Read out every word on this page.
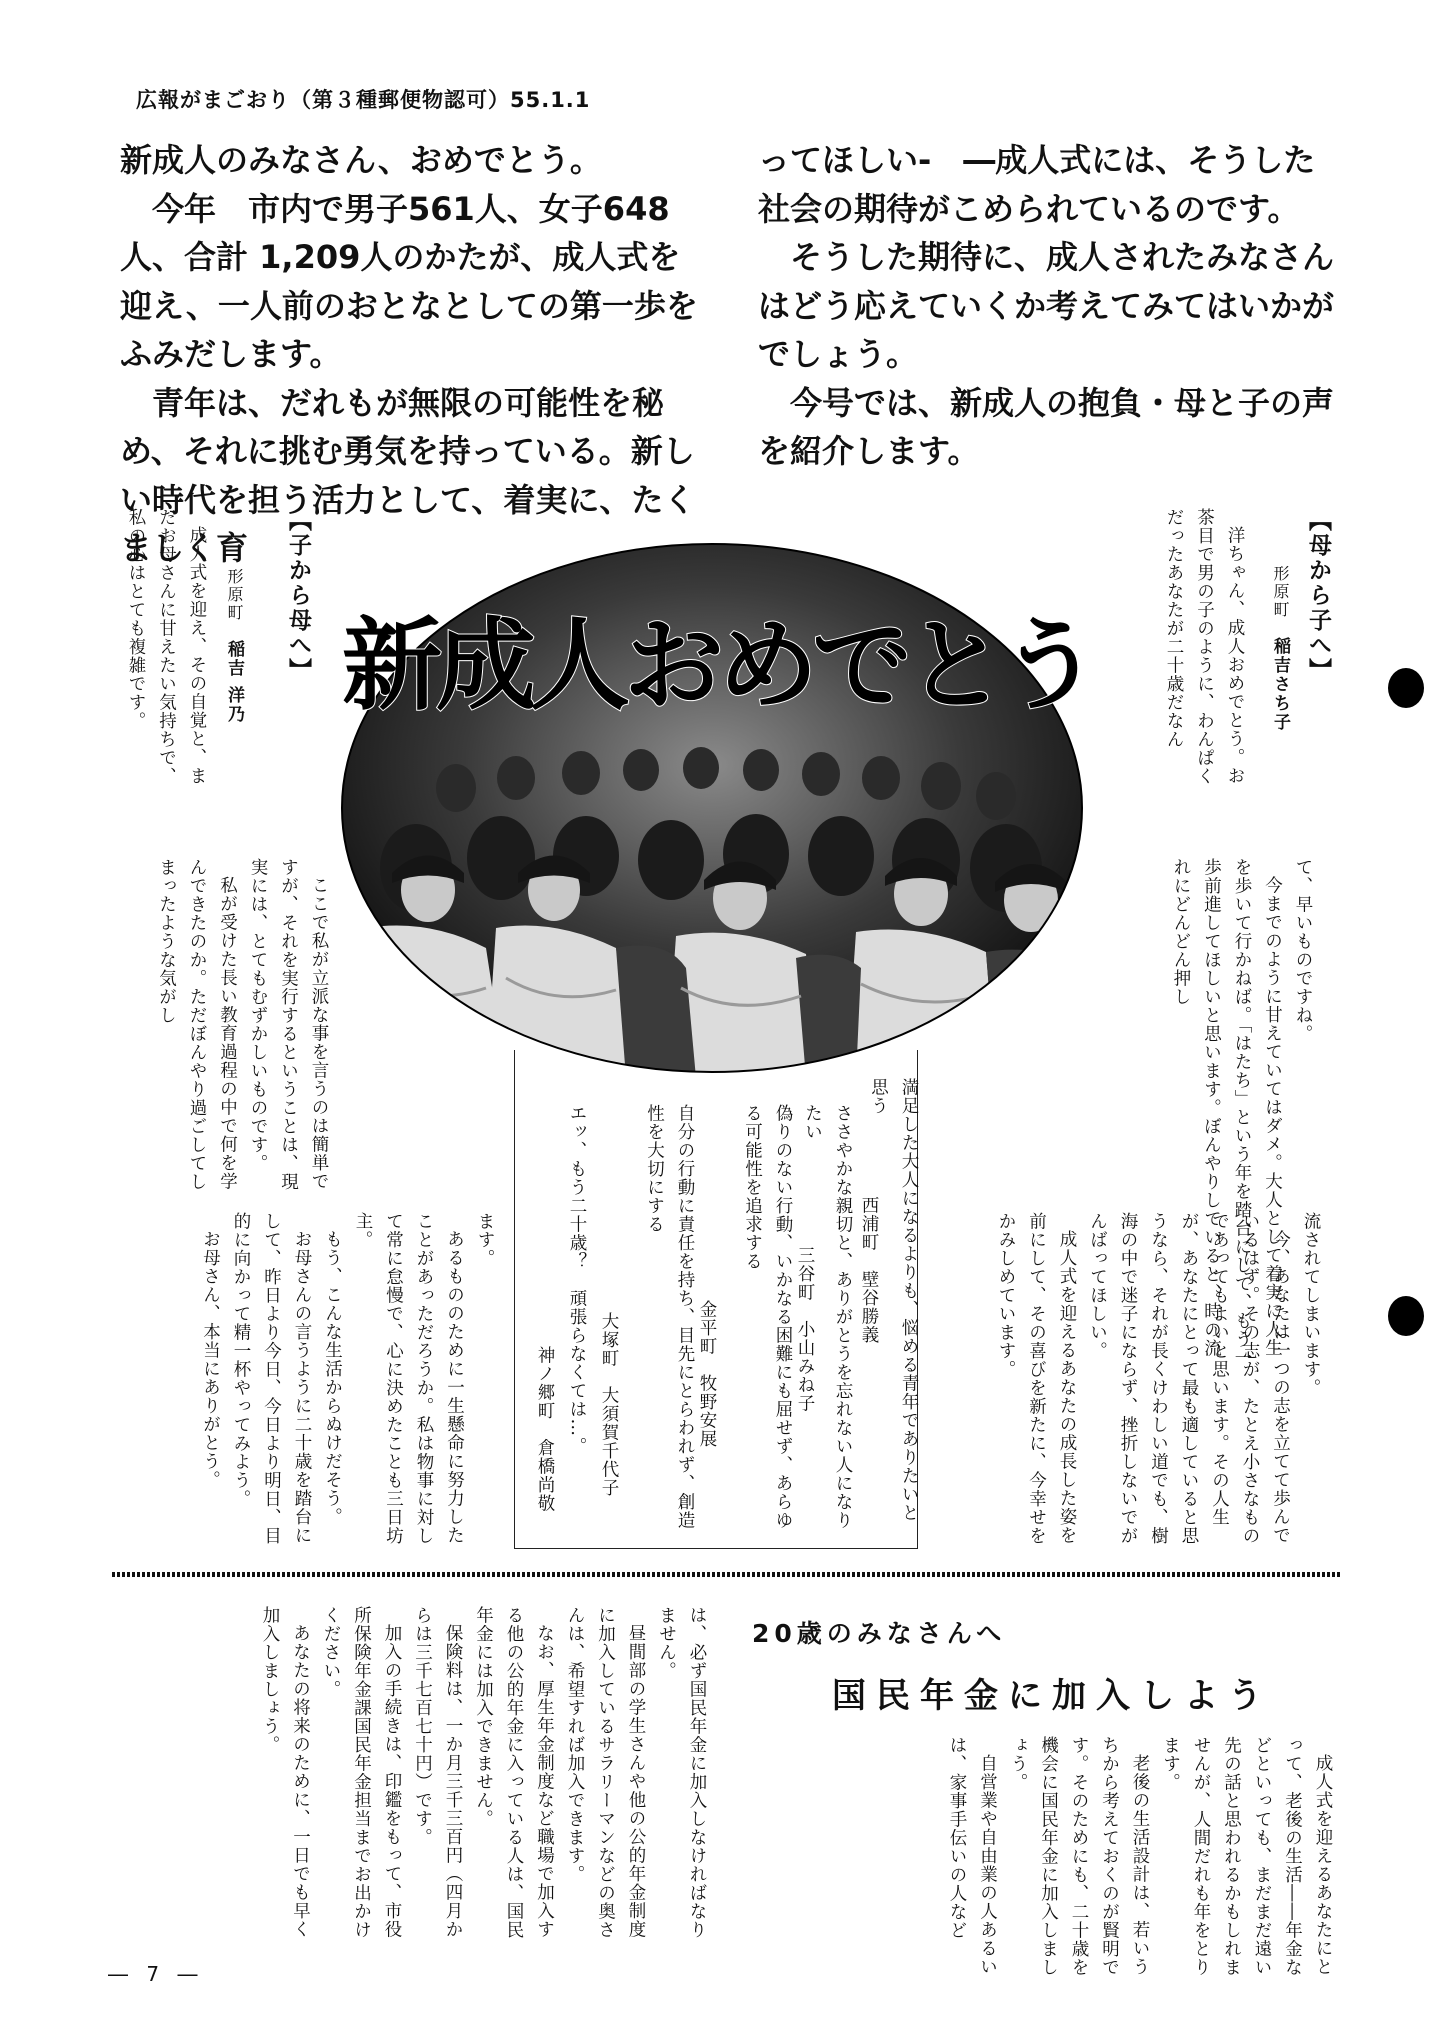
広報がまごおり（第３種郵便物認可）55.1.1

新成人のみなさん、おめでとう。

今年　市内で男子561人、女子648人、合計 1,209人のかたが、成人式を迎え、一人前のおとなとしての第一歩をふみだします。

青年は、だれもが無限の可能性を秘め、それに挑む勇気を持っている。新しい時代を担う活力として、着実に、たくましく育

ってほしい‐　―成人式には、そうした社会の期待がこめられているのです。

そうした期待に、成人されたみなさんはどう応えていくか考えてみてはいかがでしょう。

今号では、新成人の抱負・母と子の声を紹介します。

新成人おめでとう	【母から子へ】
形原町　稲吉さち子

洋ちゃん、成人おめでとう。お茶目で男の子のように、わんぱくだったあなたが二十歳だなん

て、早いものですね。

今までのように甘えていてはダメ。大人として着実に人生を歩いて行かねば。「はたち」という年を踏台にして、もう一歩前進してほしいと思います。ぼんやりしていると、時の流れにどんどん押し

流されてしまいます。

今、あなたは一つの志を立てて歩んでいるはず。その志が、たとえ小さなものであってもよいと思います。その人生が、あなたにとって最も適していると思うなら、それが長くけわしい道でも、樹海の中で迷子にならず、挫折しないでがんばってほしい。

成人式を迎えるあなたの成長した姿を前にして、その喜びを新たに、今幸せをかみしめています。

【子から母へ】
形原町　稲吉 洋乃

成人式を迎え、その自覚と、まだお母さんに甘えたい気持ちで、私の心はとても複雑です。

ここで私が立派な事を言うのは簡単ですが、それを実行するということは、現実には、とてもむずかしいものです。

私が受けた長い教育過程の中で何を学んできたのか。ただぼんやり過ごしてしまったような気がし

ます。

あるもののために一生懸命に努力したことがあっただろうか。私は物事に対して常に怠慢で、心に決めたことも三日坊主。

もう、こんな生活からぬけだそう。

お母さんの言うように二十歳を踏台にして、昨日より今日、今日より明日、目的に向かって精一杯やってみよう。

お母さん、本当にありがとう。	満足した大人になるよりも、悩める青年でありたいと思う
西浦町　壁谷勝義
ささやかな親切と、ありがとうを忘れない人になりたい
三谷町　小山みね子
偽りのない行動、いかなる困難にも屈せず、あらゆる可能性を追求する
金平町　牧野安展
自分の行動に責任を持ち、目先にとらわれず、創造性を大切にする
大塚町　大須賀千代子
エッ、もう二十歳？　頑張らなくては…。
神ノ郷町　倉橋尚敬
20歳のみなさんへ
国民年金に加入しよう

成人式を迎えるあなたにとって、老後の生活――年金などといっても、まだまだ遠い先の話と思われるかもしれませんが、人間だれも年をとります。

老後の生活設計は、若いうちから考えておくのが賢明です。そのためにも、二十歳を機会に国民年金に加入しましょう。

自営業や自由業の人あるいは、家事手伝いの人など

は、必ず国民年金に加入しなければなりません。

昼間部の学生さんや他の公的年金制度に加入しているサラリーマンなどの奥さんは、希望すれば加入できます。

なお、厚生年金制度など職場で加入する他の公的年金に入っている人は、国民年金には加入できません。

保険料は、一か月三千三百円（四月からは三千七百七十円）です。

加入の手続きは、印鑑をもって、市役所保険年金課国民年金担当までお出かけください。

あなたの将来のために、一日でも早く加入しましょう。

― 7 ―
